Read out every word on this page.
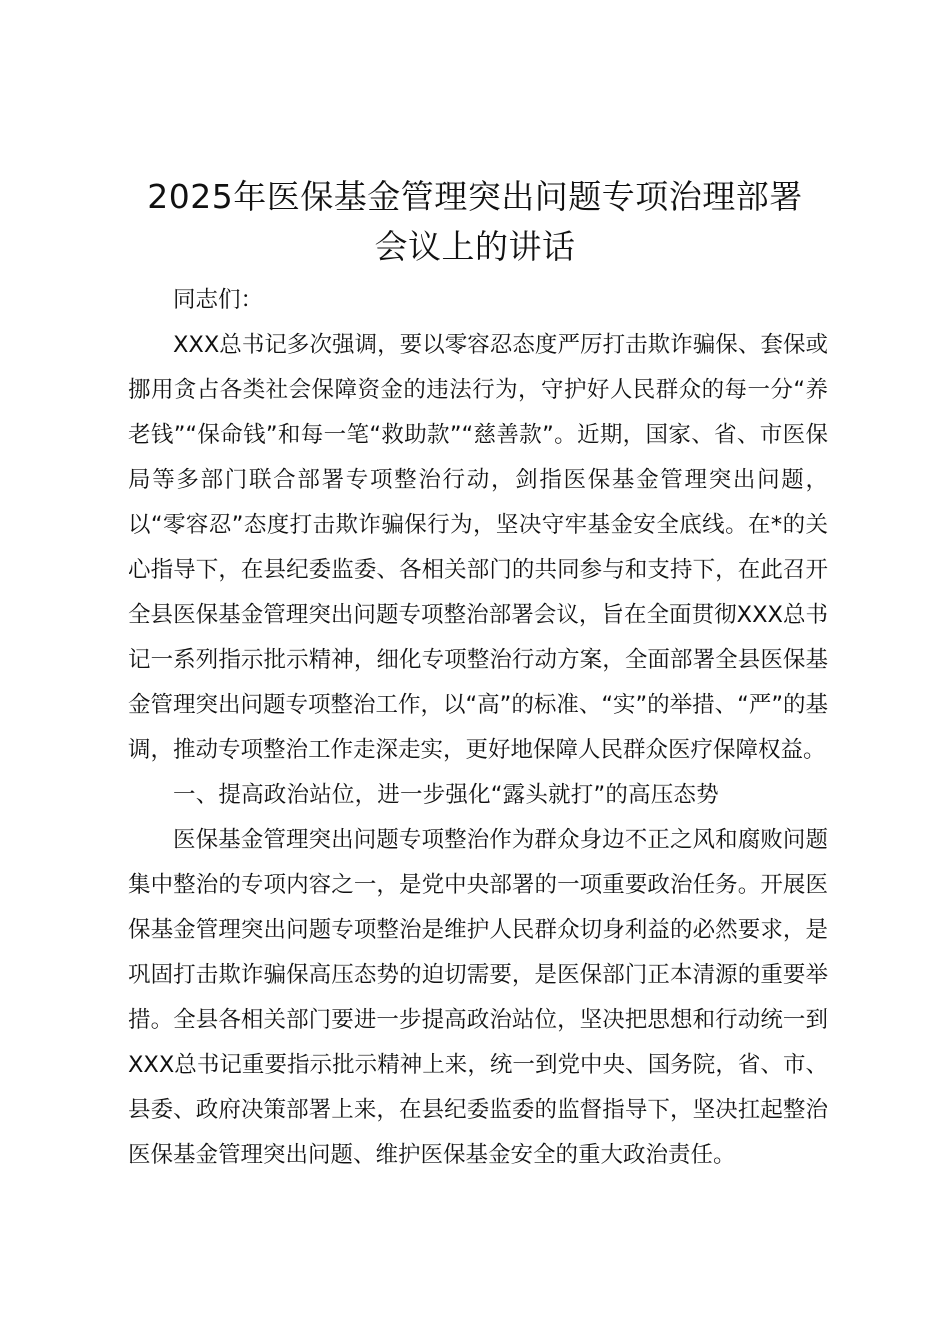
2025年医保基金管理突出问题专项治理部署
会议上的讲话

同志们：

XXX总书记多次强调，要以零容忍态度严厉打击欺诈骗保、套保或挪用贪占各类社会保障资金的违法行为，守护好人民群众的每一分“养老钱”“保命钱”和每一笔“救助款”“慈善款”。近期，国家、省、市医保局等多部门联合部署专项整治行动，剑指医保基金管理突出问题，以“零容忍”态度打击欺诈骗保行为，坚决守牢基金安全底线。在*的关心指导下，在县纪委监委、各相关部门的共同参与和支持下，在此召开全县医保基金管理突出问题专项整治部署会议，旨在全面贯彻XXX总书记一系列指示批示精神，细化专项整治行动方案，全面部署全县医保基金管理突出问题专项整治工作，以“高”的标准、“实”的举措、“严”的基调，推动专项整治工作走深走实，更好地保障人民群众医疗保障权益。

一、提高政治站位，进一步强化“露头就打”的高压态势

医保基金管理突出问题专项整治作为群众身边不正之风和腐败问题集中整治的专项内容之一，是党中央部署的一项重要政治任务。开展医保基金管理突出问题专项整治是维护人民群众切身利益的必然要求，是巩固打击欺诈骗保高压态势的迫切需要，是医保部门正本清源的重要举措。全县各相关部门要进一步提高政治站位，坚决把思想和行动统一到XXX总书记重要指示批示精神上来，统一到党中央、国务院，省、市、县委、政府决策部署上来，在县纪委监委的监督指导下，坚决扛起整治医保基金管理突出问题、维护医保基金安全的重大政治责任。
